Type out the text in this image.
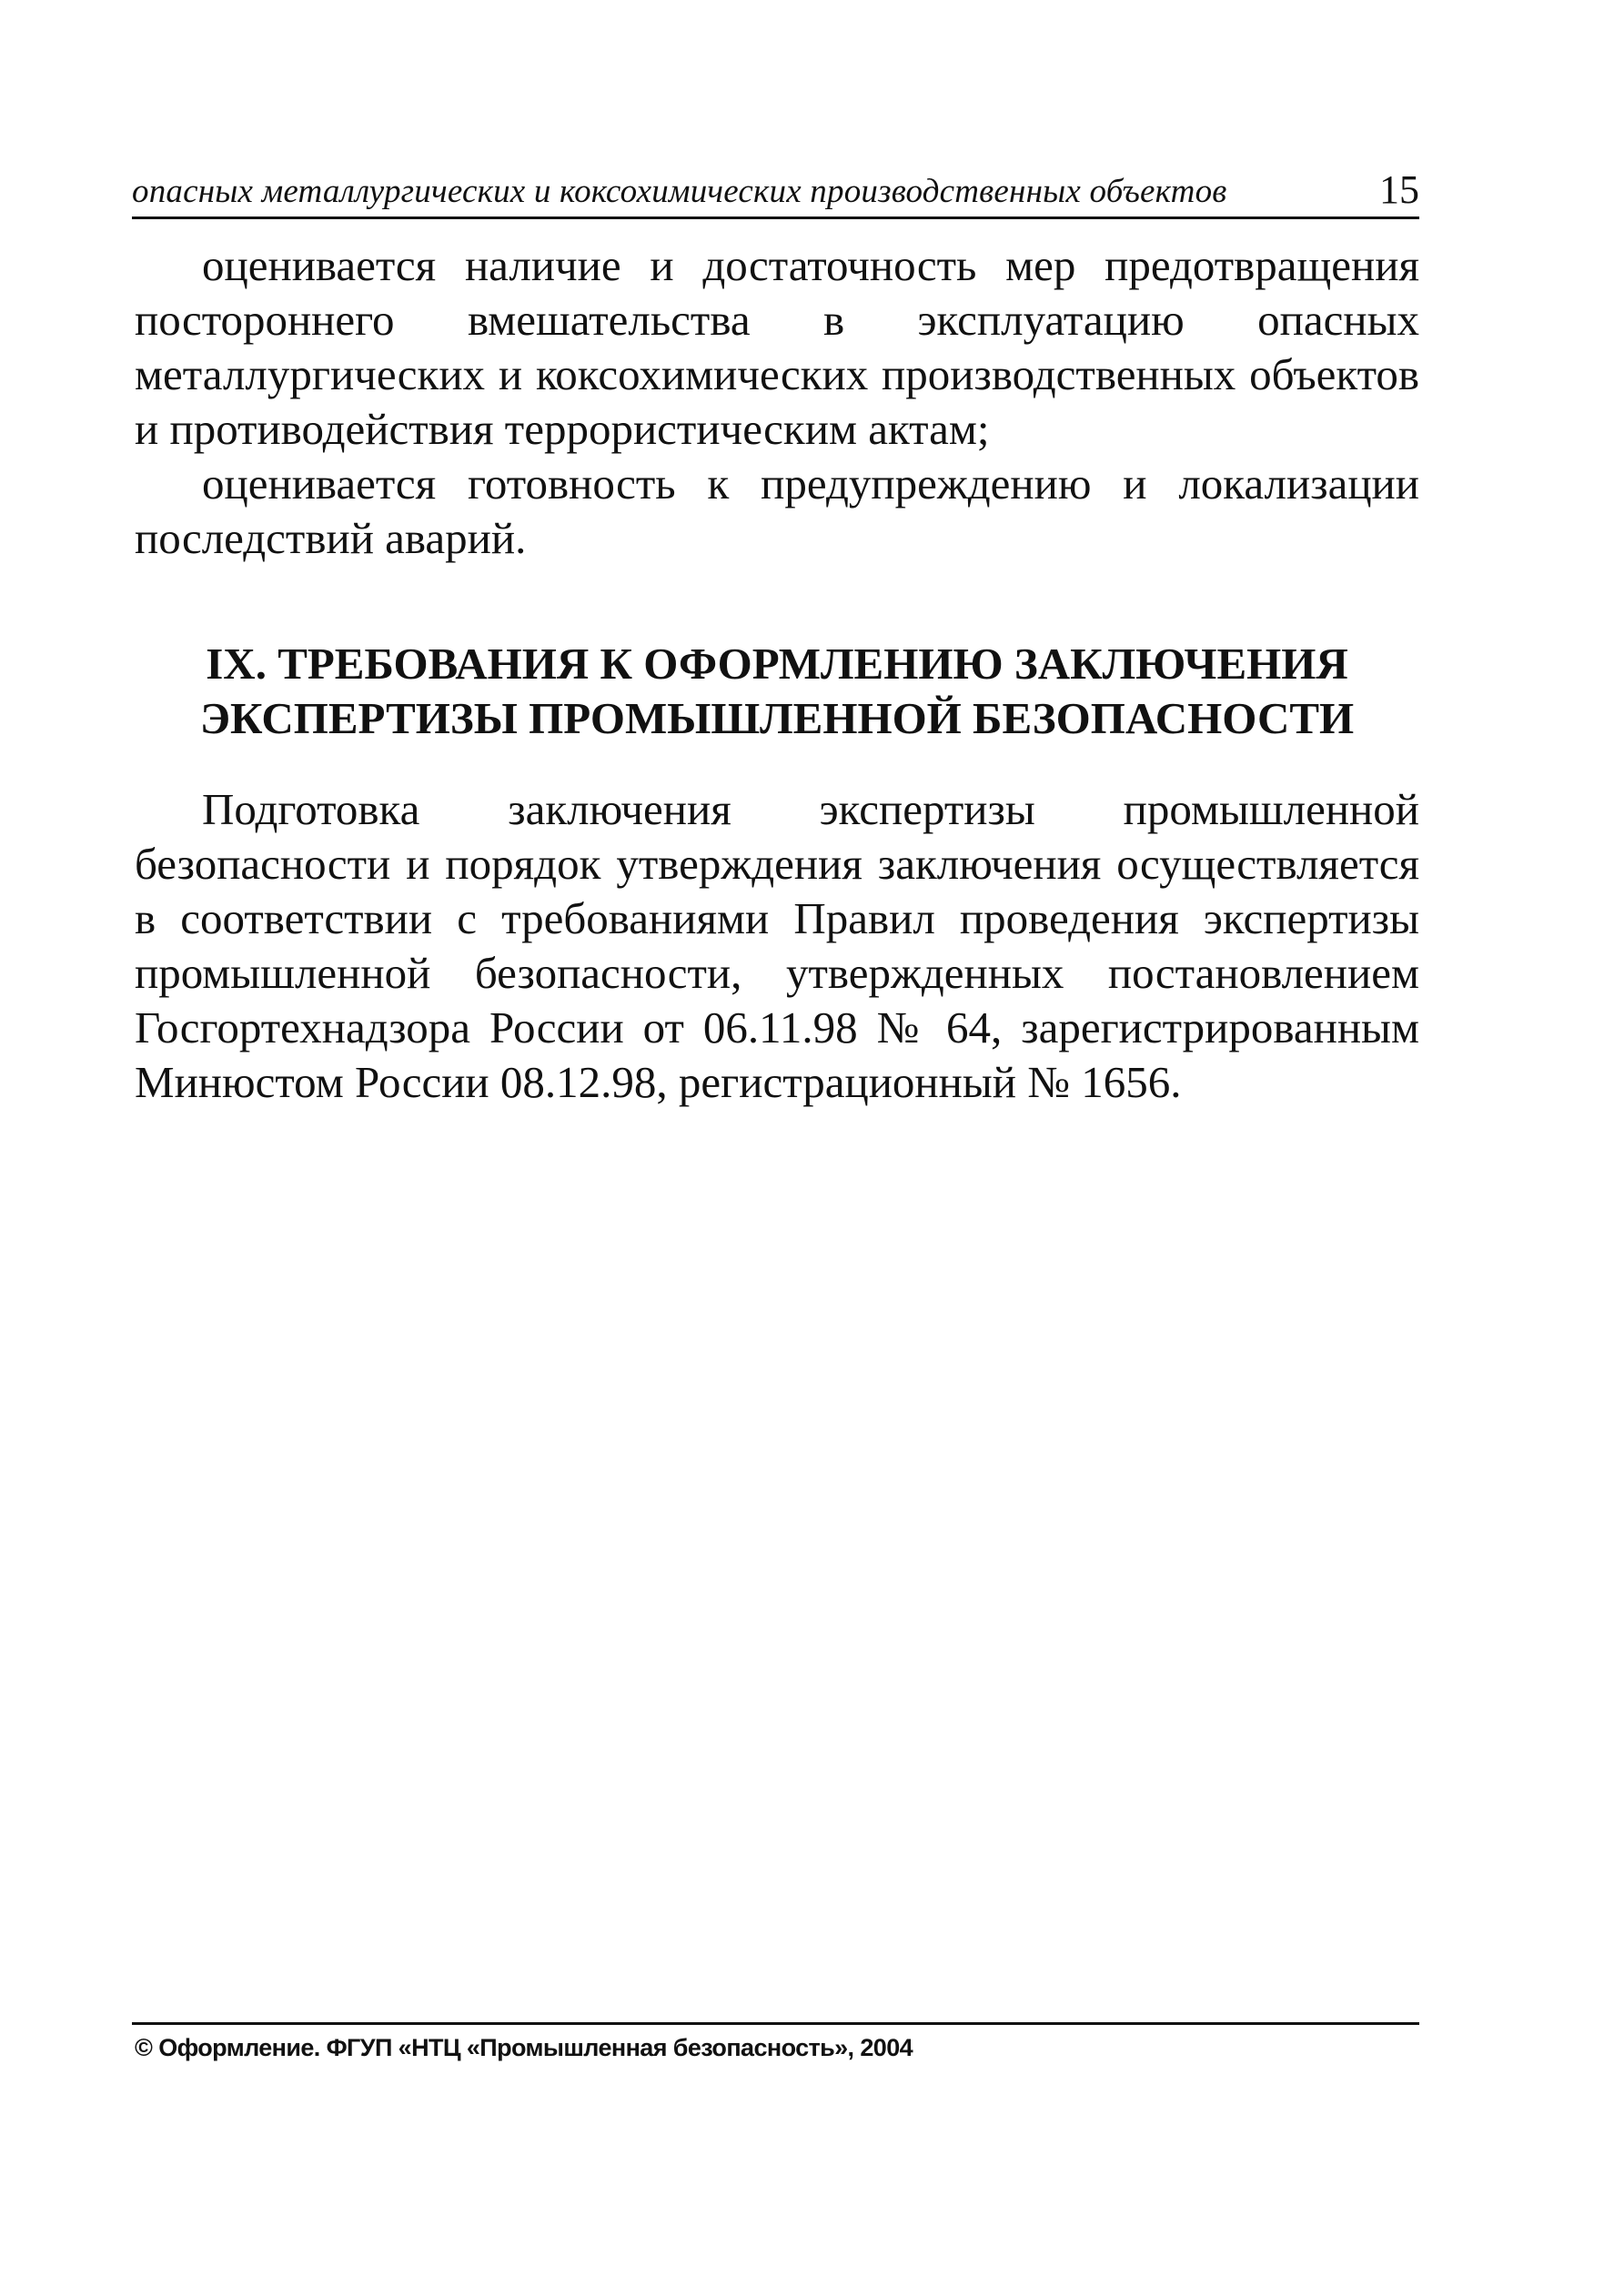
опасных металлургических и коксохимических производственных объектов	15

оценивается наличие и достаточность мер предотвращения постороннего вмешательства в эксплуатацию опасных металлургических и коксохимических производственных объектов и противодействия террористическим актам;

оценивается готовность к предупреждению и локализации последствий аварий.

IX. ТРЕБОВАНИЯ К ОФОРМЛЕНИЮ ЗАКЛЮЧЕНИЯ
ЭКСПЕРТИЗЫ ПРОМЫШЛЕННОЙ БЕЗОПАСНОСТИ

Подготовка заключения экспертизы промышленной безопасности и порядок утверждения заключения осуществляется в соответствии с требованиями Правил проведения экспертизы промышленной безопасности, утвержденных постановлением Госгортехнадзора России от 06.11.98 № 64, зарегистрированным Минюстом России 08.12.98, регистрационный № 1656.

© Оформление. ФГУП «НТЦ «Промышленная безопасность», 2004
